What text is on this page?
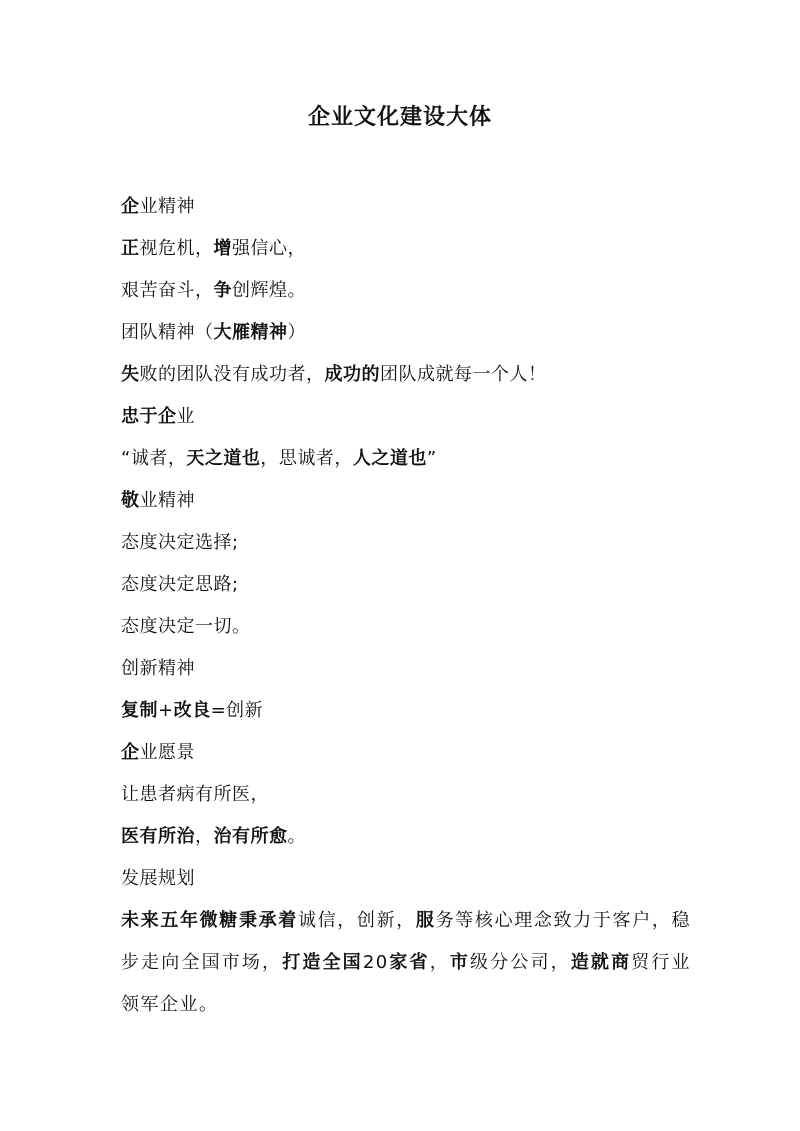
企业文化建设大体
企业精神
正视危机，增强信心，
艰苦奋斗，争创辉煌。
团队精神（大雁精神）
失败的团队没有成功者，成功的团队成就每一个人！
忠于企业
“诚者，天之道也，思诚者，人之道也”
敬业精神
态度决定选择;
态度决定思路;
态度决定一切。
创新精神
复制+改良=创新
企业愿景
让患者病有所医，
医有所治，治有所愈。
发展规划
未来五年微糖秉承着诚信，创新，服务等核心理念致力于客户，稳步走向全国市场，打造全国20家省，市级分公司，造就商贸行业领军企业。
